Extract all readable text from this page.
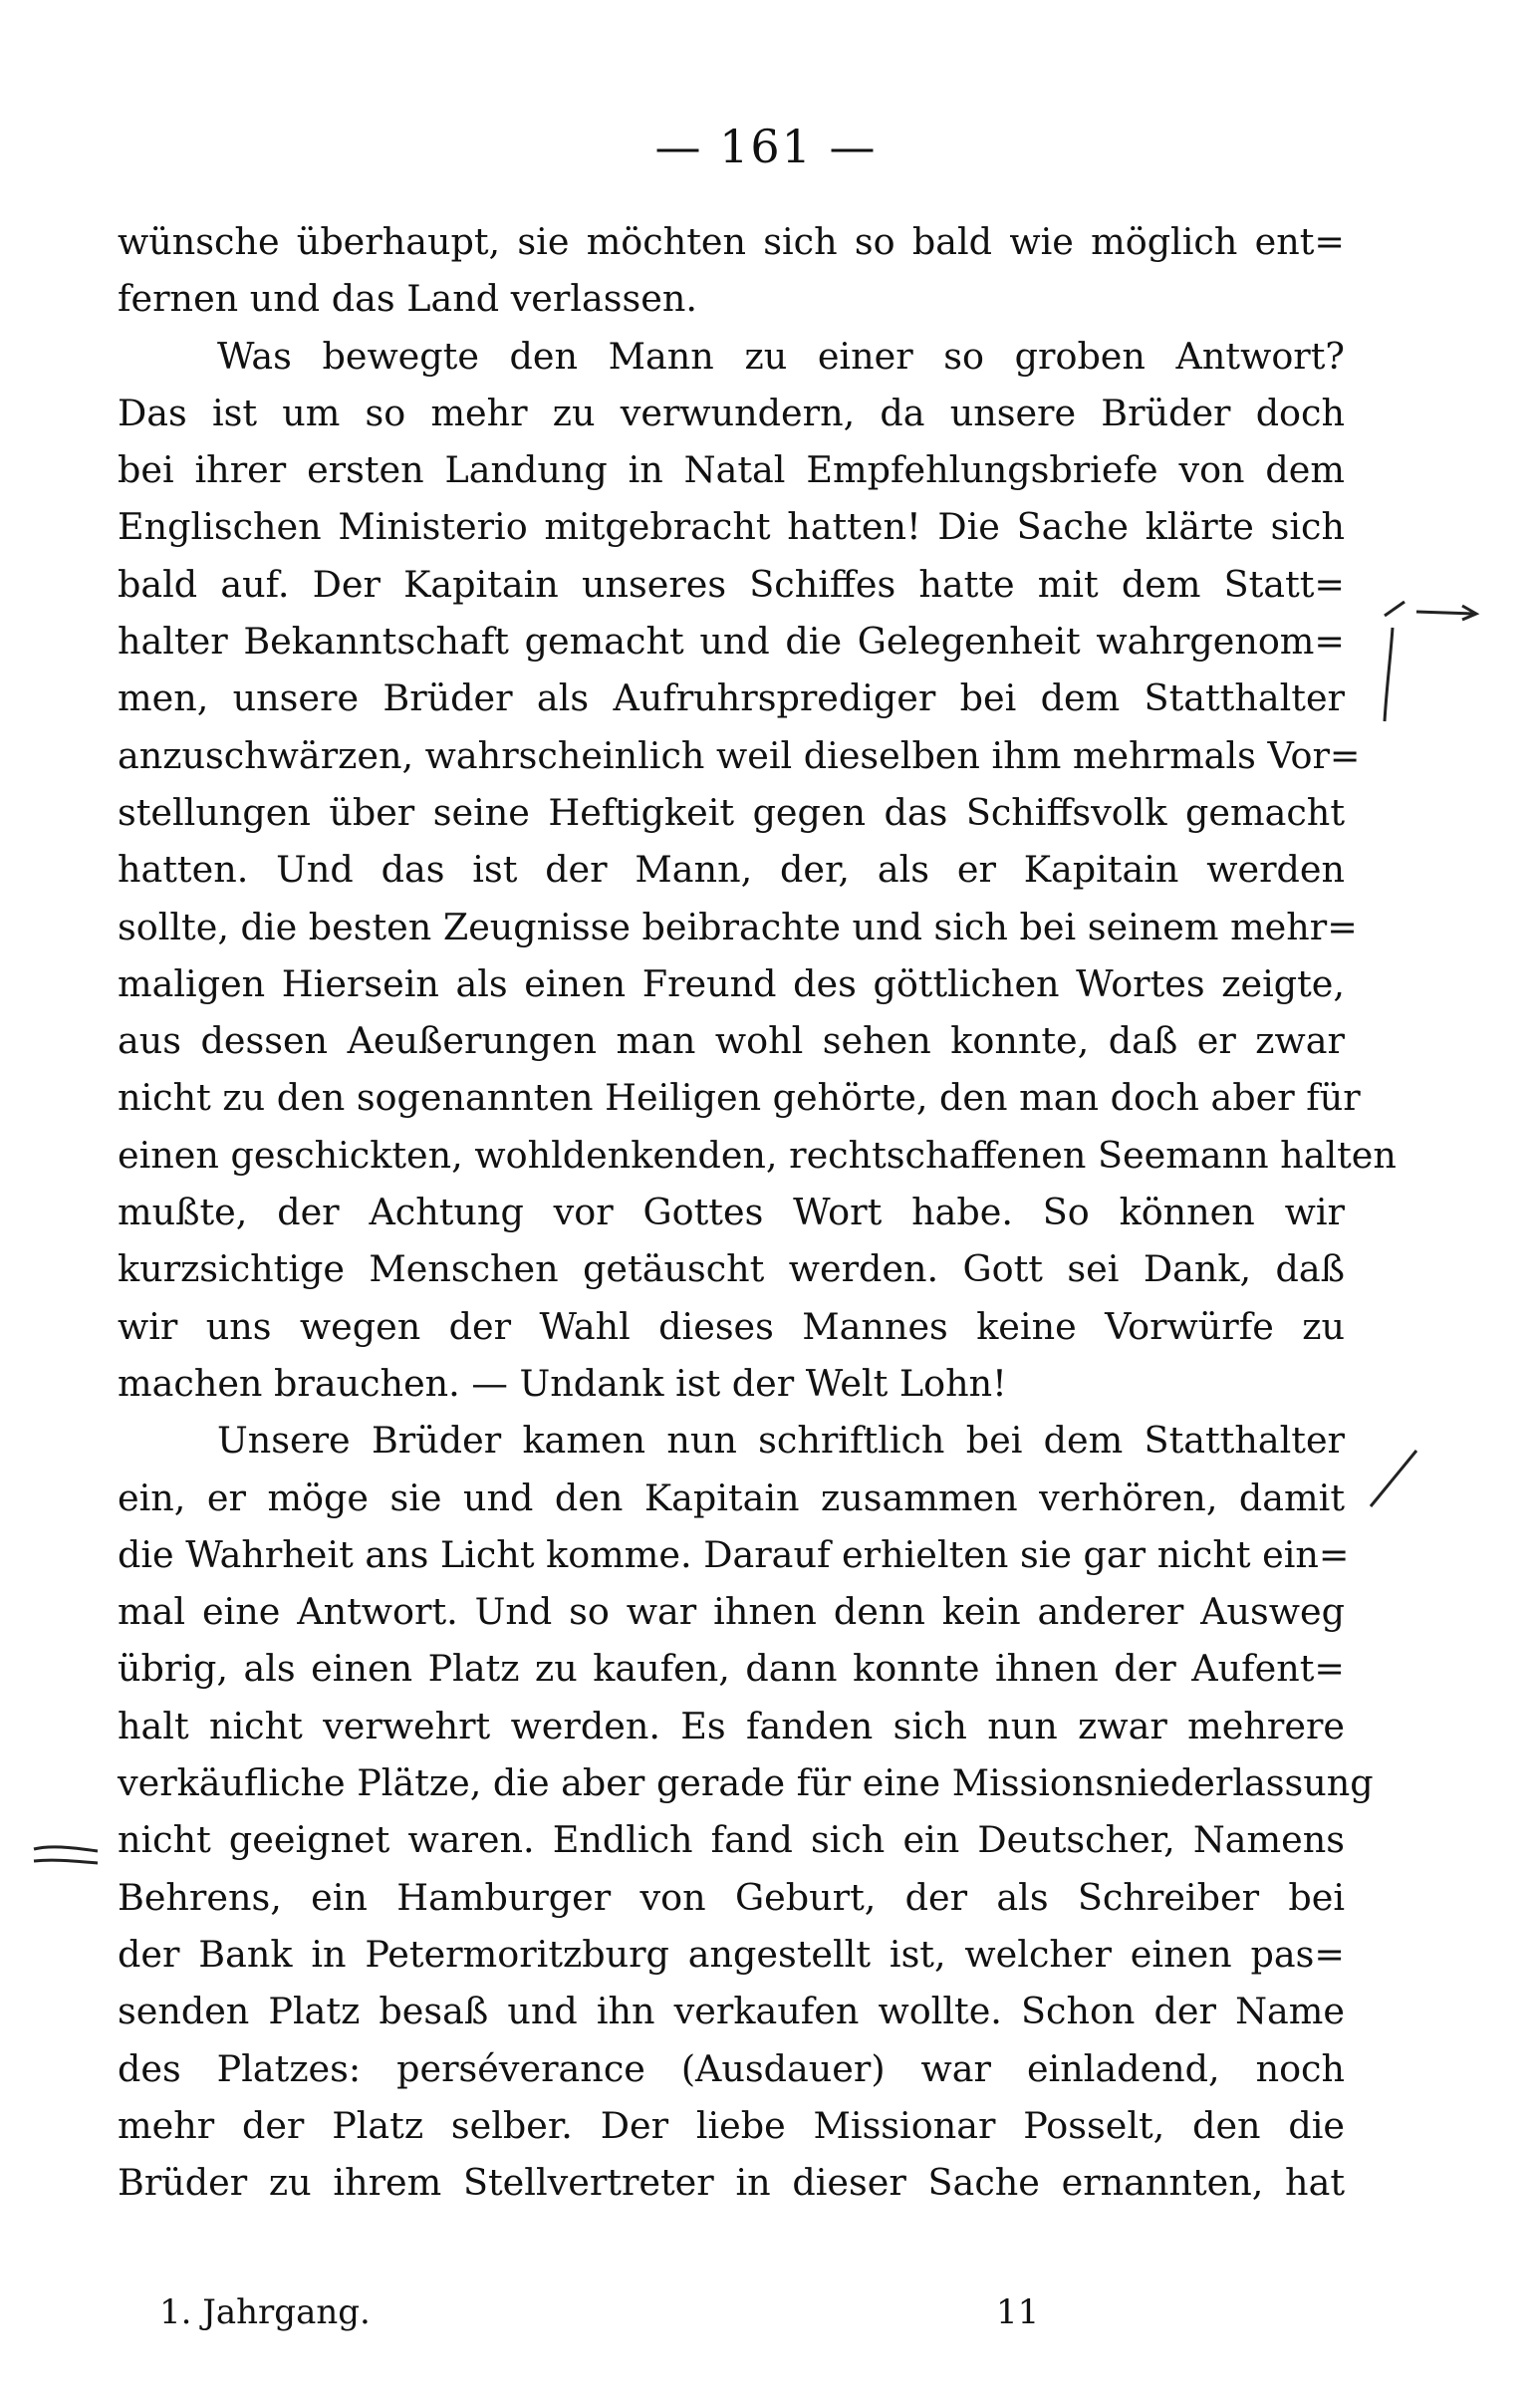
— 161 —
wünsche überhaupt, sie möchten sich so bald wie möglich ent=
fernen und das Land verlassen.
Was bewegte den Mann zu einer so groben Antwort?
Das ist um so mehr zu verwundern, da unsere Brüder doch
bei ihrer ersten Landung in Natal Empfehlungsbriefe von dem
Englischen Ministerio mitgebracht hatten! Die Sache klärte sich
bald auf. Der Kapitain unseres Schiffes hatte mit dem Statt=
halter Bekanntschaft gemacht und die Gelegenheit wahrgenom=
men, unsere Brüder als Aufruhrsprediger bei dem Statthalter
anzuschwärzen, wahrscheinlich weil dieselben ihm mehrmals Vor=
stellungen über seine Heftigkeit gegen das Schiffsvolk gemacht
hatten. Und das ist der Mann, der, als er Kapitain werden
sollte, die besten Zeugnisse beibrachte und sich bei seinem mehr=
maligen Hiersein als einen Freund des göttlichen Wortes zeigte,
aus dessen Aeußerungen man wohl sehen konnte, daß er zwar
nicht zu den sogenannten Heiligen gehörte, den man doch aber für
einen geschickten, wohldenkenden, rechtschaffenen Seemann halten
mußte, der Achtung vor Gottes Wort habe. So können wir
kurzsichtige Menschen getäuscht werden. Gott sei Dank, daß
wir uns wegen der Wahl dieses Mannes keine Vorwürfe zu
machen brauchen. — Undank ist der Welt Lohn!
Unsere Brüder kamen nun schriftlich bei dem Statthalter
ein, er möge sie und den Kapitain zusammen verhören, damit
die Wahrheit ans Licht komme. Darauf erhielten sie gar nicht ein=
mal eine Antwort. Und so war ihnen denn kein anderer Ausweg
übrig, als einen Platz zu kaufen, dann konnte ihnen der Aufent=
halt nicht verwehrt werden. Es fanden sich nun zwar mehrere
verkäufliche Plätze, die aber gerade für eine Missionsniederlassung
nicht geeignet waren. Endlich fand sich ein Deutscher, Namens
Behrens, ein Hamburger von Geburt, der als Schreiber bei
der Bank in Petermoritzburg angestellt ist, welcher einen pas=
senden Platz besaß und ihn verkaufen wollte. Schon der Name
des Platzes: perséverance (Ausdauer) war einladend, noch
mehr der Platz selber. Der liebe Missionar Posselt, den die
Brüder zu ihrem Stellvertreter in dieser Sache ernannten, hat
1. Jahrgang.	11
